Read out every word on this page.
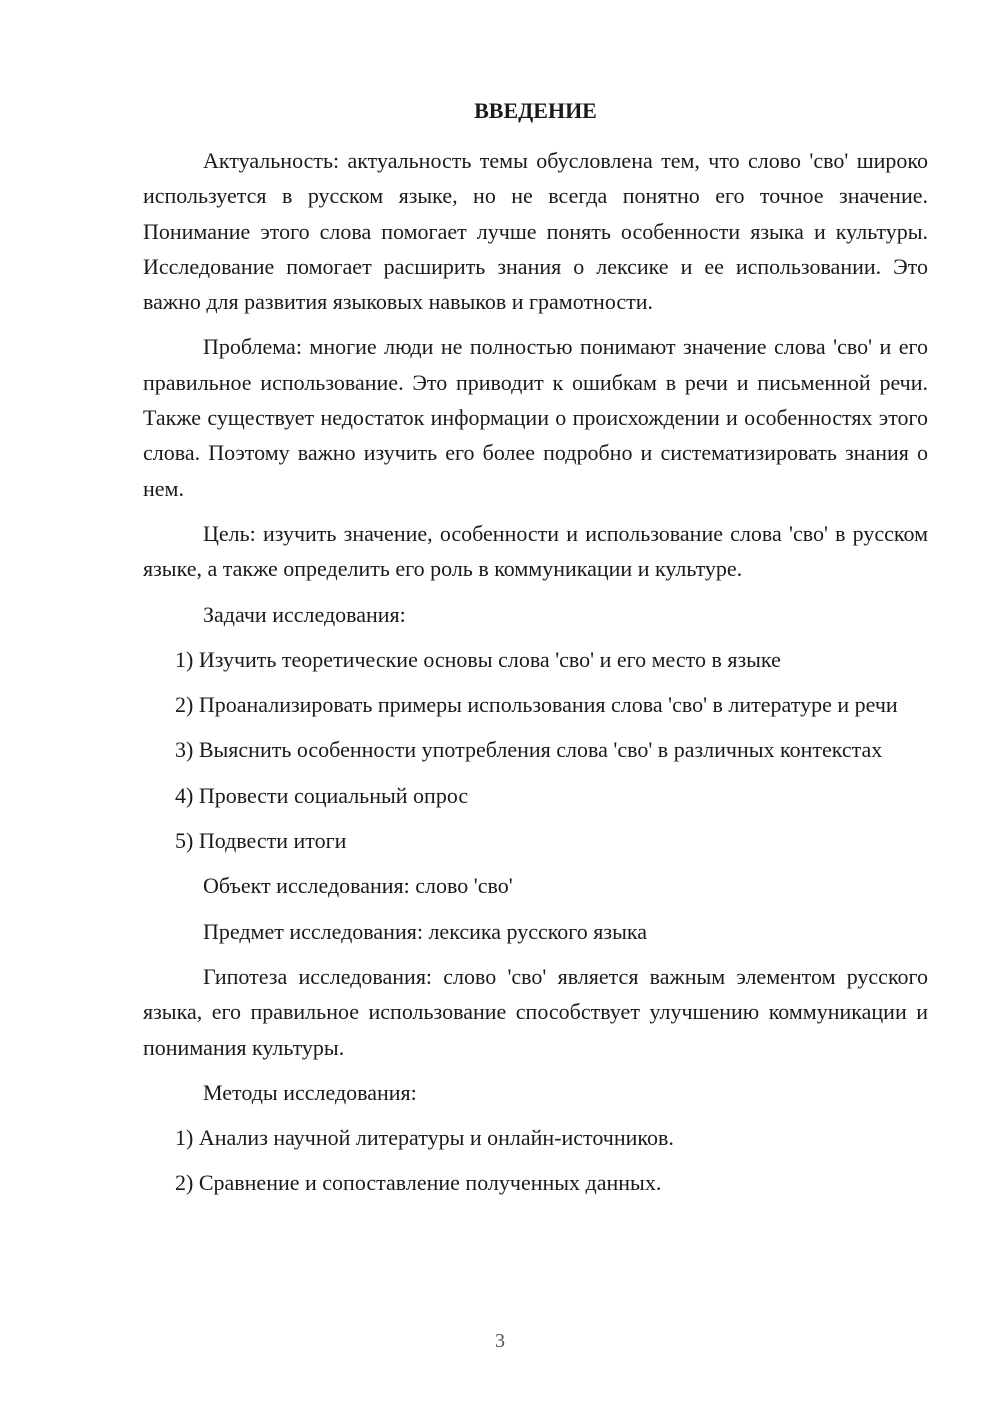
ВВЕДЕНИЕ

Актуальность: актуальность темы обусловлена тем, что слово 'сво' широко используется в русском языке, но не всегда понятно его точное значение. Понимание этого слова помогает лучше понять особенности языка и культуры. Исследование помогает расширить знания о лексике и ее использовании. Это важно для развития языковых навыков и грамотности.

Проблема: многие люди не полностью понимают значение слова 'сво' и его правильное использование. Это приводит к ошибкам в речи и письменной речи. Также существует недостаток информации о происхождении и особенностях этого слова. Поэтому важно изучить его более подробно и систематизировать знания о нем.

Цель: изучить значение, особенности и использование слова 'сво' в русском языке, а также определить его роль в коммуникации и культуре.

Задачи исследования:

1) Изучить теоретические основы слова 'сво' и его место в языке

2) Проанализировать примеры использования слова 'сво' в литературе и речи

3) Выяснить особенности употребления слова 'сво' в различных контекстах

4) Провести социальный опрос

5) Подвести итоги

Объект исследования: слово 'сво'

Предмет исследования: лексика русского языка

Гипотеза исследования: слово 'сво' является важным элементом русского языка, его правильное использование способствует улучшению коммуникации и понимания культуры.

Методы исследования:

1) Анализ научной литературы и онлайн-источников.

2) Сравнение и сопоставление полученных данных.

3
